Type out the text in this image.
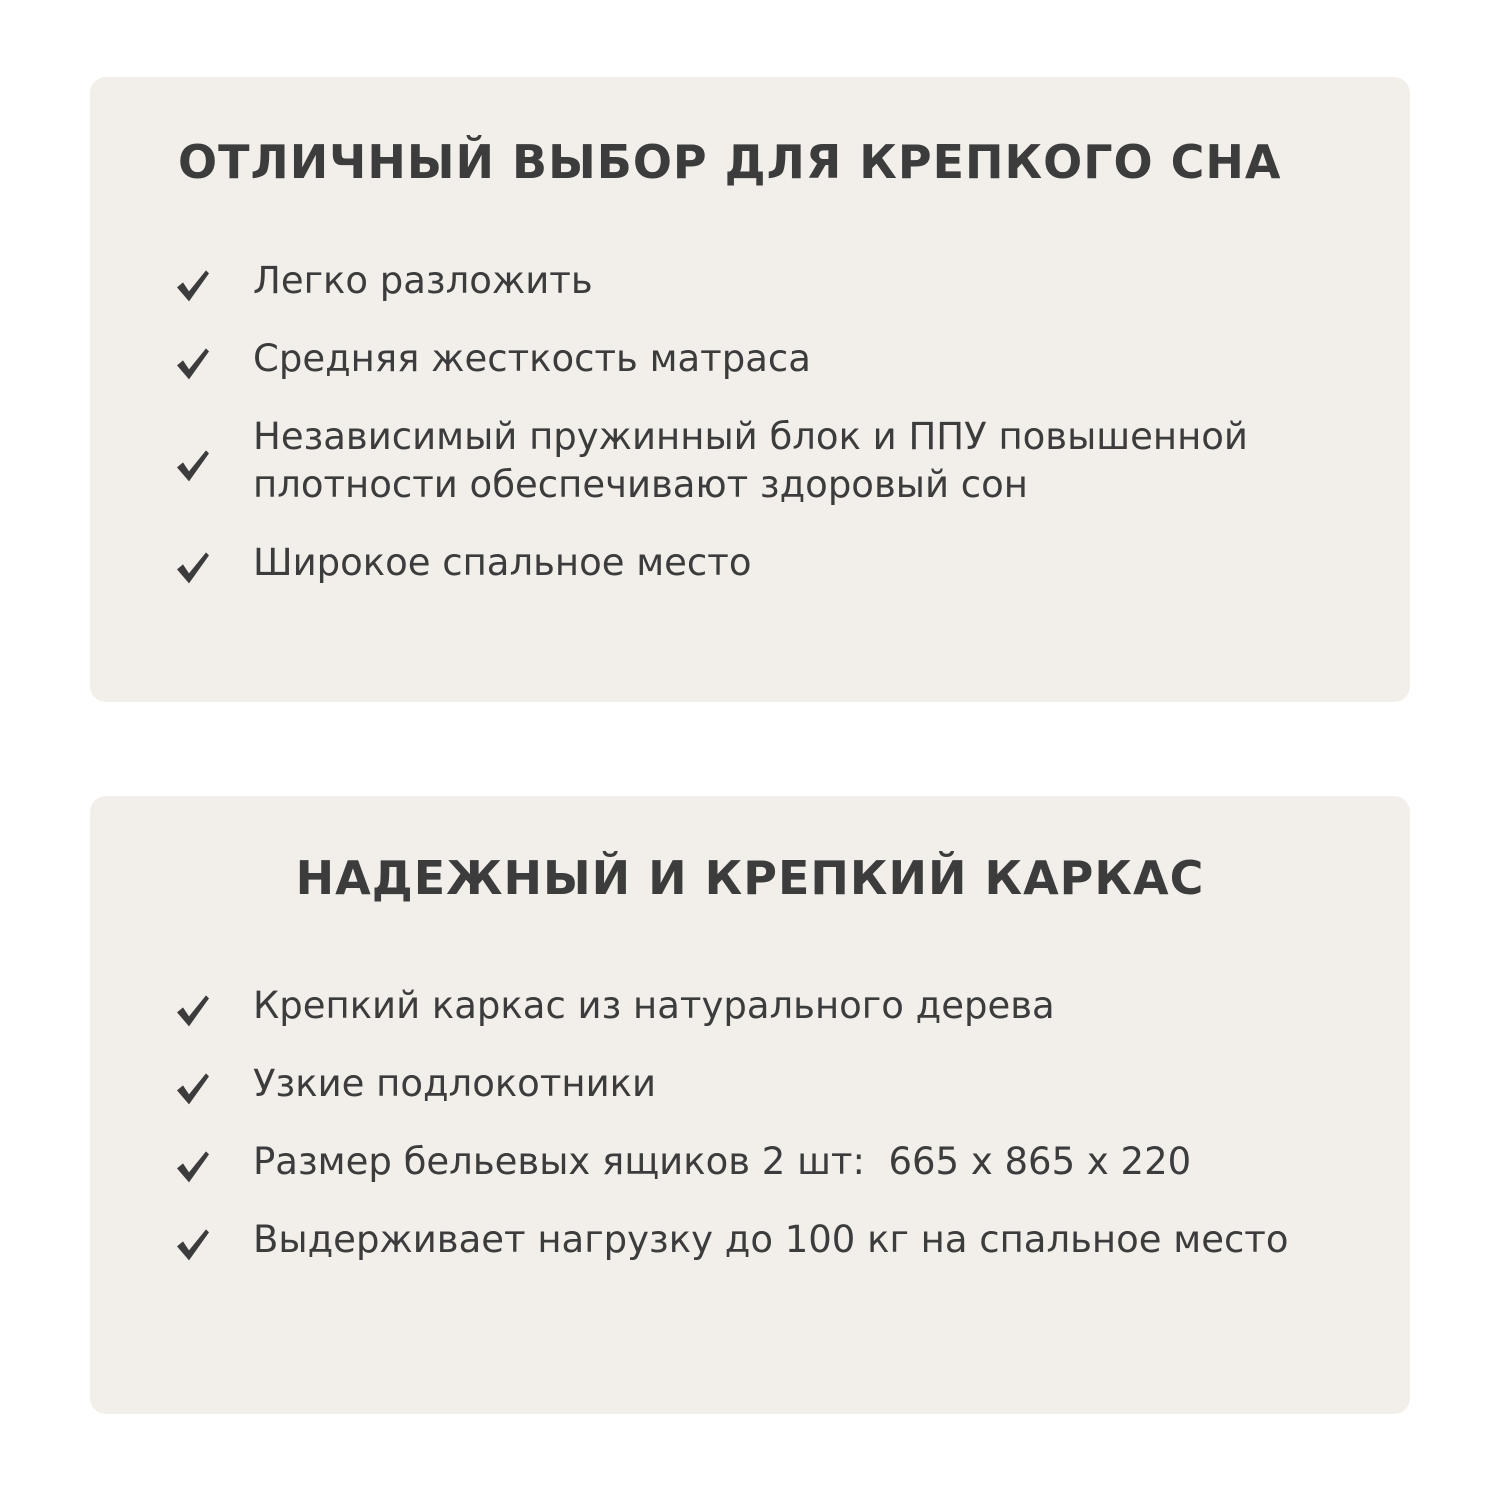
ОТЛИЧНЫЙ ВЫБОР ДЛЯ КРЕПКОГО СНА
Легко разложить
Средняя жесткость матраса
Независимый пружинный блок и ППУ повышенной плотности обеспечивают здоровый сон
Широкое спальное место
НАДЕЖНЫЙ И КРЕПКИЙ КАРКАС
Крепкий каркас из натурального дерева
Узкие подлокотники
Размер бельевых ящиков 2 шт:  665 x 865 x 220
Выдерживает нагрузку до 100 кг на спальное место
